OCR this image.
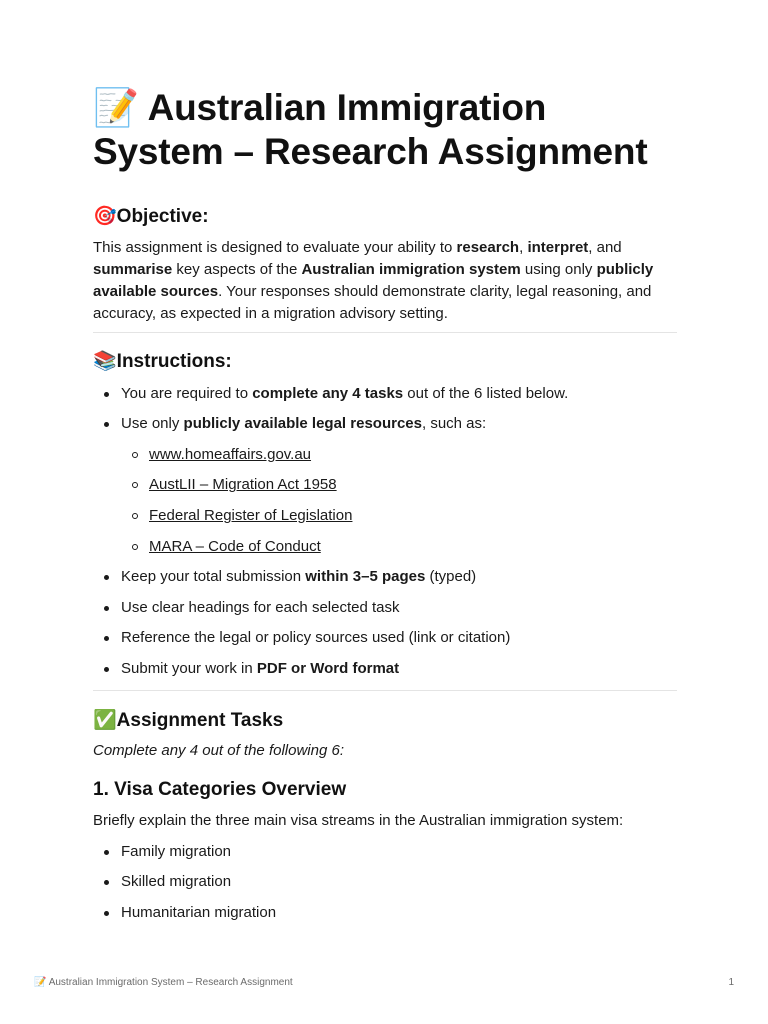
📝 Australian Immigration System – Research Assignment
🎯Objective:

This assignment is designed to evaluate your ability to research, interpret, and summarise key aspects of the Australian immigration system using only publicly available sources. Your responses should demonstrate clarity, legal reasoning, and accuracy, as expected in a migration advisory setting.

📚Instructions:
You are required to complete any 4 tasks out of the 6 listed below.
Use only publicly available legal resources, such as:
www.homeaffairs.gov.au
AustLII – Migration Act 1958
Federal Register of Legislation
MARA – Code of Conduct
Keep your total submission within 3–5 pages (typed)
Use clear headings for each selected task
Reference the legal or policy sources used (link or citation)
Submit your work in PDF or Word format
✅Assignment Tasks

Complete any 4 out of the following 6:

1. Visa Categories Overview

Briefly explain the three main visa streams in the Australian immigration system:

Family migration
Skilled migration
Humanitarian migration
📝 Australian Immigration System – Research Assignment	1
